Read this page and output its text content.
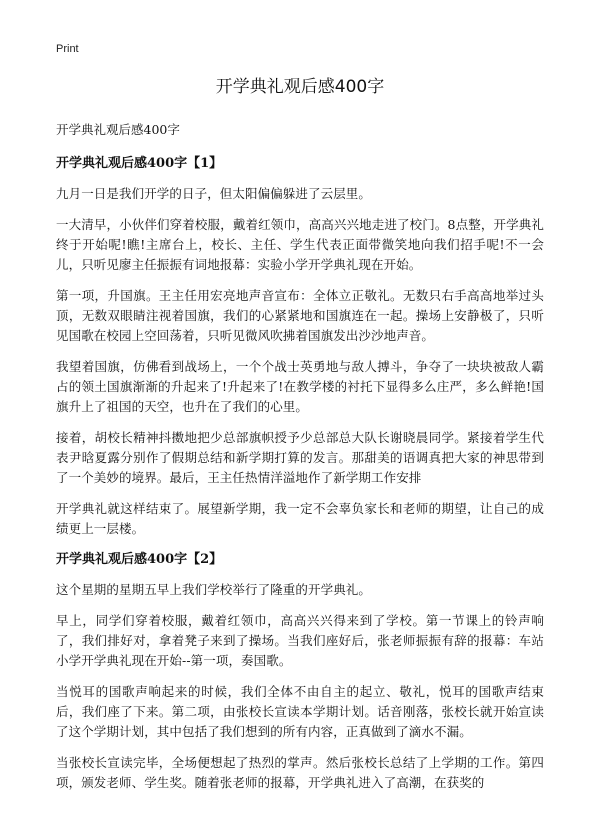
Print
开学典礼观后感400字
开学典礼观后感400字
开学典礼观后感400字【1】

九月一日是我们开学的日子，但太阳偏偏躲进了云层里。

一大清早，小伙伴们穿着校服，戴着红领巾，高高兴兴地走进了校门。8点整，开学典礼终于开始呢!瞧!主席台上，校长、主任、学生代表正面带微笑地向我们招手呢!不一会儿，只听见廖主任振振有词地报幕：实验小学开学典礼现在开始。

第一项，升国旗。王主任用宏亮地声音宣布：全体立正敬礼。无数只右手高高地举过头顶，无数双眼睛注视着国旗，我们的心紧紧地和国旗连在一起。操场上安静极了，只听见国歌在校园上空回荡着，只听见微风吹拂着国旗发出沙沙地声音。

我望着国旗，仿佛看到战场上，一个个战士英勇地与敌人搏斗，争夺了一块块被敌人霸占的领土国旗渐渐的升起来了!升起来了!在教学楼的衬托下显得多么庄严，多么鲜艳!国旗升上了祖国的天空，也升在了我们的心里。

接着，胡校长精神抖擞地把少总部旗帜授予少总部总大队长谢晓晨同学。紧接着学生代表尹晗夏露分别作了假期总结和新学期打算的发言。那甜美的语调真把大家的神思带到了一个美妙的境界。最后，王主任热情洋溢地作了新学期工作安排

开学典礼就这样结束了。展望新学期，我一定不会辜负家长和老师的期望，让自己的成绩更上一层楼。

开学典礼观后感400字【2】

这个星期的星期五早上我们学校举行了隆重的开学典礼。

早上，同学们穿着校服，戴着红领巾，高高兴兴得来到了学校。第一节课上的铃声响了，我们排好对，拿着凳子来到了操场。当我们座好后，张老师振振有辞的报幕：车站小学开学典礼现在开始--第一项，奏国歌。

当悦耳的国歌声响起来的时候，我们全体不由自主的起立、敬礼，悦耳的国歌声结束后，我们座了下来。第二项，由张校长宣读本学期计划。话音刚落，张校长就开始宣读了这个学期计划，其中包括了我们想到的所有内容，正真做到了滴水不漏。

当张校长宣读完毕，全场便想起了热烈的掌声。然后张校长总结了上学期的工作。第四项，颁发老师、学生奖。随着张老师的报幕，开学典礼进入了高潮，在获奖的
